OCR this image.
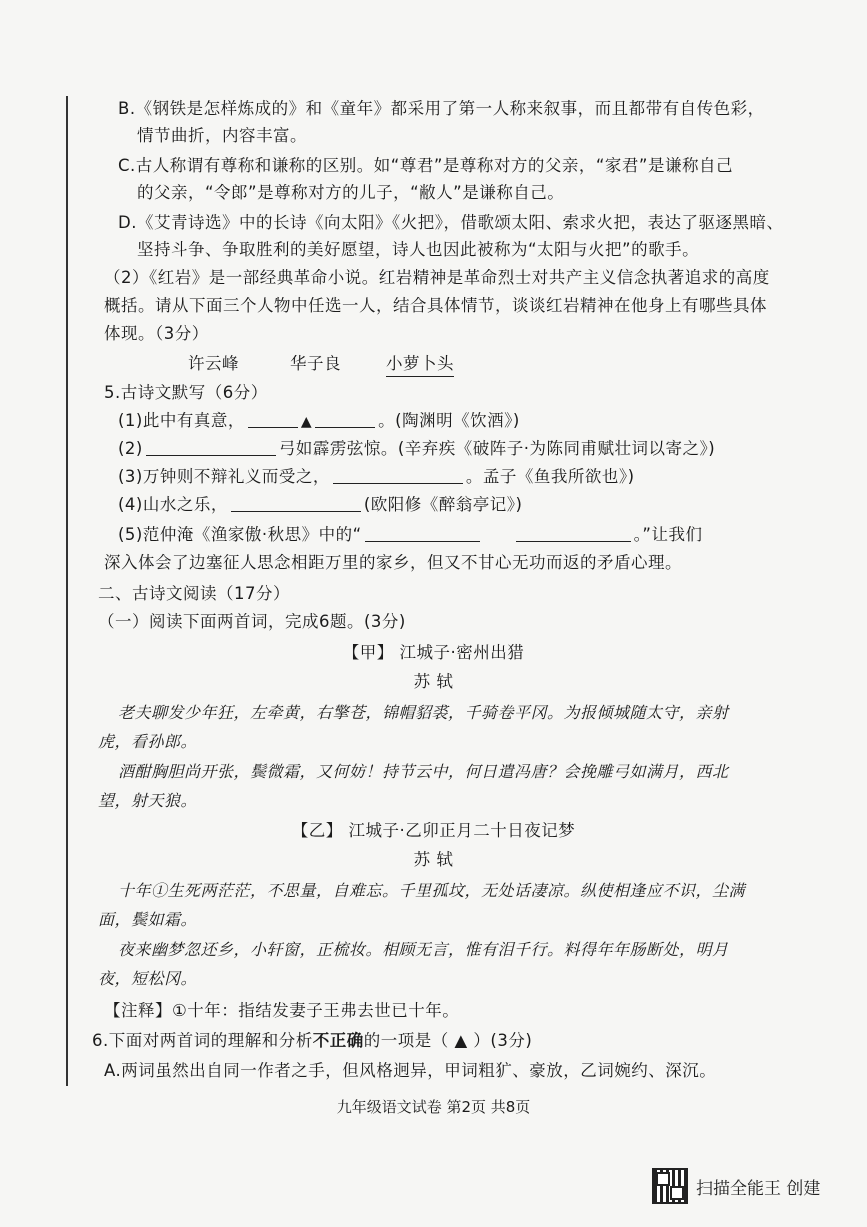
B.《钢铁是怎样炼成的》和《童年》都采用了第一人称来叙事，而且都带有自传色彩，
情节曲折，内容丰富。
C.古人称谓有尊称和谦称的区别。如“尊君”是尊称对方的父亲，“家君”是谦称自己
的父亲，“令郎”是尊称对方的儿子，“敝人”是谦称自己。
D.《艾青诗选》中的长诗《向太阳》《火把》，借歌颂太阳、索求火把，表达了驱逐黑暗、
坚持斗争、争取胜利的美好愿望，诗人也因此被称为“太阳与火把”的歌手。
（2）《红岩》是一部经典革命小说。红岩精神是革命烈士对共产主义信念执著追求的高度
概括。请从下面三个人物中任选一人，结合具体情节，谈谈红岩精神在他身上有哪些具体
体现。（3分）
许云峰	华子良	小萝卜头
5.古诗文默写（6分）
(1)此中有真意，	▲	。(陶渊明《饮酒》)
(2)	弓如霹雳弦惊。(辛弃疾《破阵子·为陈同甫赋壮词以寄之》)
(3)万钟则不辩礼义而受之，	。孟子《鱼我所欲也》)
(4)山水之乐，	(欧阳修《醉翁亭记》)
(5)范仲淹《渔家傲·秋思》中的“	。”让我们
深入体会了边塞征人思念相距万里的家乡，但又不甘心无功而返的矛盾心理。
二、古诗文阅读（17分）
（一）阅读下面两首词，完成6题。(3分)
【甲】 江城子·密州出猎
苏 轼
老夫聊发少年狂，左牵黄，右擎苍，锦帽貂裘，千骑卷平冈。为报倾城随太守，亲射
虎，看孙郎。
酒酣胸胆尚开张，鬓微霜，又何妨！持节云中，何日遣冯唐？会挽雕弓如满月，西北
望，射天狼。
【乙】 江城子·乙卯正月二十日夜记梦
苏 轼
十年①生死两茫茫，不思量，自难忘。千里孤坟，无处话凄凉。纵使相逢应不识，尘满
面，鬓如霜。
夜来幽梦忽还乡，小轩窗，正梳妆。相顾无言，惟有泪千行。料得年年肠断处，明月
夜，短松冈。
【注释】①十年：指结发妻子王弗去世已十年。
6.下面对两首词的理解和分析不正确的一项是（ ▲ ）(3分)
A.两词虽然出自同一作者之手，但风格迥异，甲词粗犷、豪放，乙词婉约、深沉。
九年级语文试卷 第2页 共8页
扫描全能王 创建
